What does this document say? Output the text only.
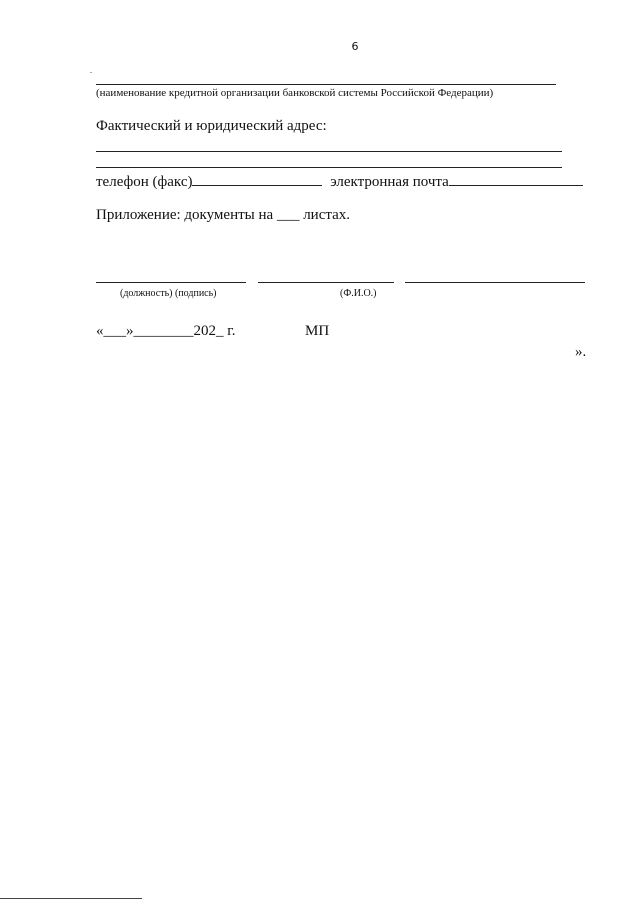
6
.
(наименование кредитной организации банковской системы Российской Федерации)
Фактический и юридический адрес:
телефон (факс)	электронная почта
Приложение: документы на ___ листах.
(должность) (подпись)	(Ф.И.О.)
«___»________202_ г.	МП
».
